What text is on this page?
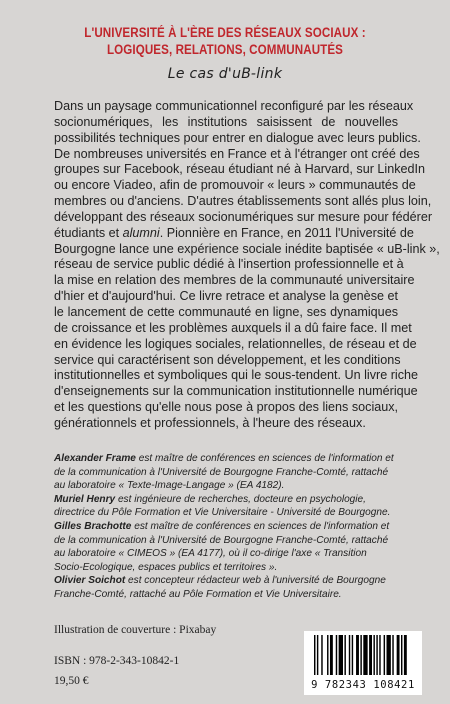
L'UNIVERSITÉ À L'ÈRE DES RÉSEAUX SOCIAUX :
LOGIQUES, RELATIONS, COMMUNAUTÉS
Le cas d'uB-link

Dans un paysage communicationnel reconfiguré par les réseaux
socionumériques, les institutions saisissent de nouvelles
possibilités techniques pour entrer en dialogue avec leurs publics.
De nombreuses universités en France et à l'étranger ont créé des
groupes sur Facebook, réseau étudiant né à Harvard, sur LinkedIn
ou encore Viadeo, afin de promouvoir « leurs » communautés de
membres ou d'anciens. D'autres établissements sont allés plus loin,
développant des réseaux socionumériques sur mesure pour fédérer
étudiants et alumni. Pionnière en France, en 2011 l'Université de
Bourgogne lance une expérience sociale inédite baptisée « uB-link »,
réseau de service public dédié à l'insertion professionnelle et à
la mise en relation des membres de la communauté universitaire
d'hier et d'aujourd'hui. Ce livre retrace et analyse la genèse et
le lancement de cette communauté en ligne, ses dynamiques
de croissance et les problèmes auxquels il a dû faire face. Il met
en évidence les logiques sociales, relationnelles, de réseau et de
service qui caractérisent son développement, et les conditions
institutionnelles et symboliques qui le sous-tendent. Un livre riche
d'enseignements sur la communication institutionnelle numérique
et les questions qu'elle nous pose à propos des liens sociaux,
générationnels et professionnels, à l'heure des réseaux.

Alexander Frame est maître de conférences en sciences de l'information et
de la communication à l'Université de Bourgogne Franche-Comté, rattaché
au laboratoire « Texte-Image-Langage » (EA 4182).

Muriel Henry est ingénieure de recherches, docteure en psychologie,
directrice du Pôle Formation et Vie Universitaire - Université de Bourgogne.

Gilles Brachotte est maître de conférences en sciences de l'information et
de la communication à l'Université de Bourgogne Franche-Comté, rattaché
au laboratoire « CIMEOS » (EA 4177), où il co-dirige l'axe « Transition
Socio-Ecologique, espaces publics et territoires ».

Olivier Soichot est concepteur rédacteur web à l'université de Bourgogne
Franche-Comté, rattaché au Pôle Formation et Vie Universitaire.

Illustration de couverture : Pixabay
ISBN : 978-2-343-10842-1
19,50 €	9 782343 108421
